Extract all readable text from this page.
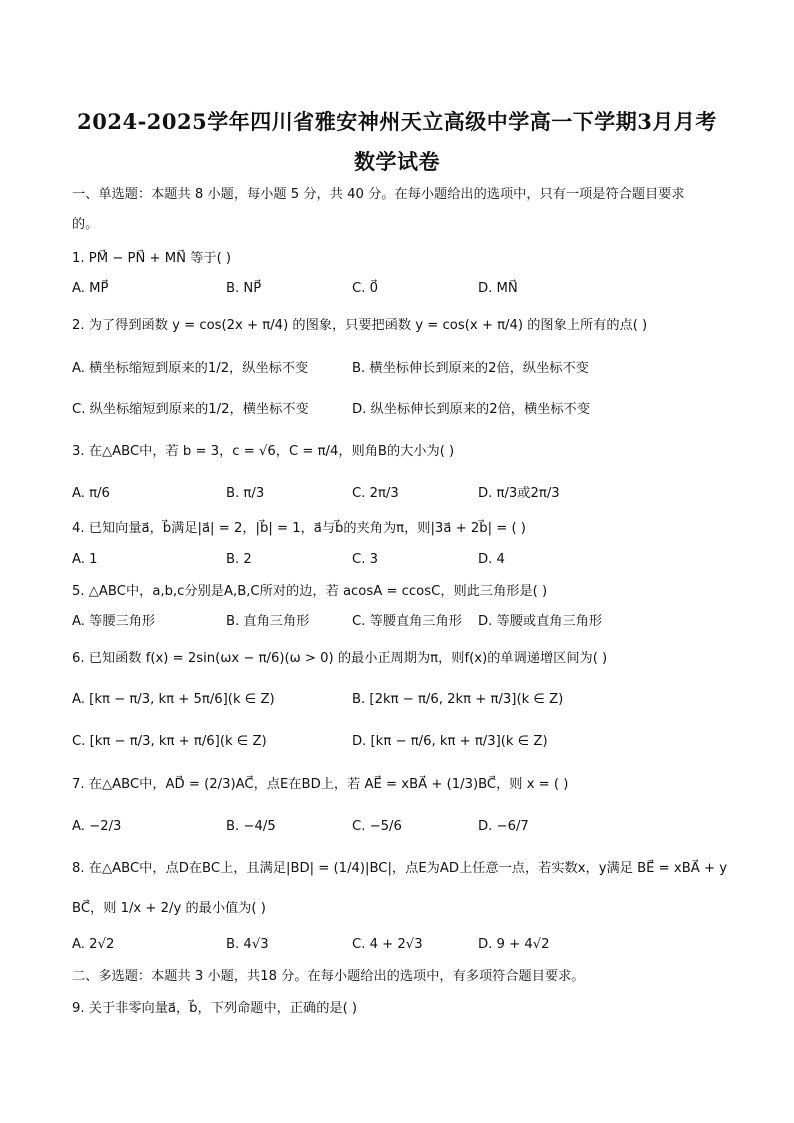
2024-2025学年四川省雅安神州天立高级中学高一下学期3月月考
数学试卷
一、单选题：本题共 8 小题，每小题 5 分，共 40 分。在每小题给出的选项中，只有一项是符合题目要求
的。
1. PM⃗ − PN⃗ + MN⃗ 等于( )
A. MP⃗	B. NP⃗	C. 0⃗	D. MN⃗
2. 为了得到函数 y = cos(2x + π/4) 的图象，只要把函数 y = cos(x + π/4) 的图象上所有的点( )
A. 横坐标缩短到原来的1/2，纵坐标不变	B. 横坐标伸长到原来的2倍，纵坐标不变
C. 纵坐标缩短到原来的1/2，横坐标不变	D. 纵坐标伸长到原来的2倍，横坐标不变
3. 在△ABC中，若 b = 3，c = √6，C = π/4，则角B的大小为( )
A. π/6	B. π/3	C. 2π/3	D. π/3或2π/3
4. 已知向量a⃗，b⃗满足|a⃗| = 2，|b⃗| = 1，a⃗与b⃗的夹角为π，则|3a⃗ + 2b⃗| = ( )
A. 1	B. 2	C. 3	D. 4
5. △ABC中，a,b,c分别是A,B,C所对的边，若 acosA = ccosC，则此三角形是( )
A. 等腰三角形	B. 直角三角形	C. 等腰直角三角形 D. 等腰或直角三角形
6. 已知函数 f(x) = 2sin(ωx − π/6)(ω > 0) 的最小正周期为π，则f(x)的单调递增区间为( )
A. [kπ − π/3, kπ + 5π/6](k ∈ Z)	B. [2kπ − π/6, 2kπ + π/3](k ∈ Z)
C. [kπ − π/3, kπ + π/6](k ∈ Z)	D. [kπ − π/6, kπ + π/3](k ∈ Z)
7. 在△ABC中，AD⃗ = (2/3)AC⃗，点E在BD上，若 AE⃗ = xBA⃗ + (1/3)BC⃗，则 x = ( )
A. −2/3	B. −4/5	C. −5/6	D. −6/7
8. 在△ABC中，点D在BC上，且满足|BD| = (1/4)|BC|，点E为AD上任意一点，若实数x，y满足 BE⃗ = xBA⃗ + y
BC⃗，则 1/x + 2/y 的最小值为( )
A. 2√2	B. 4√3	C. 4 + 2√3	D. 9 + 4√2
二、多选题：本题共 3 小题，共18 分。在每小题给出的选项中，有多项符合题目要求。
9. 关于非零向量a⃗，b⃗，下列命题中，正确的是( )
